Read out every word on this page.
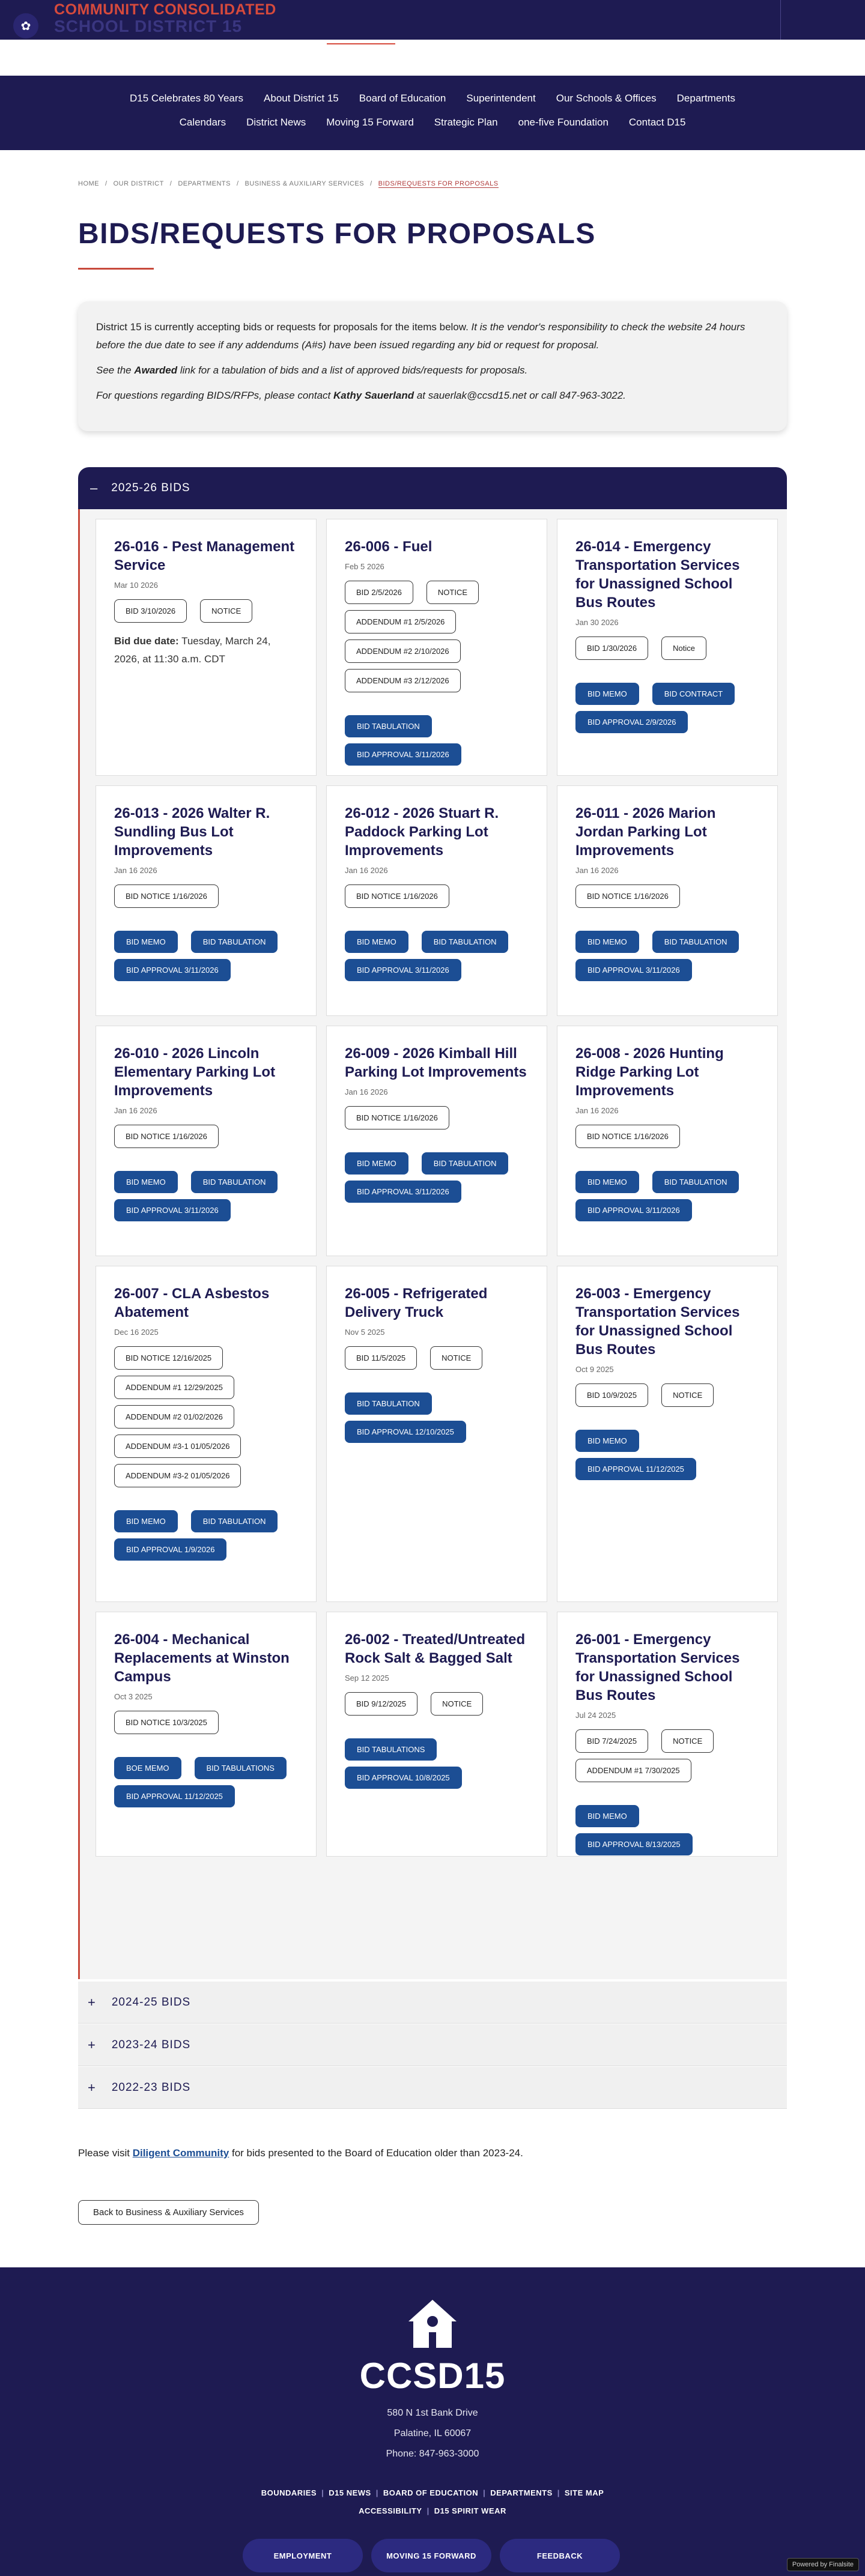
✿
COMMUNITY CONSOLIDATED
SCHOOL DISTRICT 15
D15 Celebrates 80 Years About District 15 Board of Education Superintendent Our Schools & Offices Departments
Calendars District News Moving 15 Forward Strategic Plan one-five Foundation Contact D15
HOME / OUR DISTRICT / DEPARTMENTS / BUSINESS & AUXILIARY SERVICES / BIDS/REQUESTS FOR PROPOSALS
BIDS/REQUESTS FOR PROPOSALS

District 15 is currently accepting bids or requests for proposals for the items below. It is the vendor's responsibility to check the website 24 hours before the due date to see if any addendums (A#s) have been issued regarding any bid or request for proposal.

See the Awarded link for a tabulation of bids and a list of approved bids/requests for proposals.

For questions regarding BIDS/RFPs, please contact Kathy Sauerland at sauerlak@ccsd15.net or call 847-963-3022.

– 2025-26 BIDS
26-016 - Pest Management Service
Mar 10 2026
BID 3/10/2026	NOTICE
Bid due date: Tuesday, March 24, 2026, at 11:30 a.m. CDT
26-006 - Fuel
Feb 5 2026
BID 2/5/2026	NOTICE
ADDENDUM #1 2/5/2026
ADDENDUM #2 2/10/2026
ADDENDUM #3 2/12/2026
BID TABULATION
BID APPROVAL 3/11/2026
26-014 - Emergency Transportation Services for Unassigned School Bus Routes
Jan 30 2026
BID 1/30/2026	Notice
BID MEMO	BID CONTRACT
BID APPROVAL 2/9/2026
26-013 - 2026 Walter R. Sundling Bus Lot Improvements
Jan 16 2026
BID NOTICE 1/16/2026
BID MEMO	BID TABULATION
BID APPROVAL 3/11/2026
26-012 - 2026 Stuart R. Paddock Parking Lot Improvements
Jan 16 2026
BID NOTICE 1/16/2026
BID MEMO	BID TABULATION
BID APPROVAL 3/11/2026
26-011 - 2026 Marion Jordan Parking Lot Improvements
Jan 16 2026
BID NOTICE 1/16/2026
BID MEMO	BID TABULATION
BID APPROVAL 3/11/2026
26-010 - 2026 Lincoln Elementary Parking Lot Improvements
Jan 16 2026
BID NOTICE 1/16/2026
BID MEMO	BID TABULATION
BID APPROVAL 3/11/2026
26-009 - 2026 Kimball Hill Parking Lot Improvements
Jan 16 2026
BID NOTICE 1/16/2026
BID MEMO	BID TABULATION
BID APPROVAL 3/11/2026
26-008 - 2026 Hunting Ridge Parking Lot Improvements
Jan 16 2026
BID NOTICE 1/16/2026
BID MEMO	BID TABULATION
BID APPROVAL 3/11/2026
26-007 - CLA Asbestos Abatement
Dec 16 2025
BID NOTICE 12/16/2025
ADDENDUM #1 12/29/2025
ADDENDUM #2 01/02/2026
ADDENDUM #3-1 01/05/2026
ADDENDUM #3-2 01/05/2026
BID MEMO	BID TABULATION
BID APPROVAL 1/9/2026
26-005 - Refrigerated Delivery Truck
Nov 5 2025
BID 11/5/2025	NOTICE
BID TABULATION
BID APPROVAL 12/10/2025
26-003 - Emergency Transportation Services for Unassigned School Bus Routes
Oct 9 2025
BID 10/9/2025	NOTICE
BID MEMO
BID APPROVAL 11/12/2025
26-004 - Mechanical Replacements at Winston Campus
Oct 3 2025
BID NOTICE 10/3/2025
BOE MEMO	BID TABULATIONS
BID APPROVAL 11/12/2025
26-002 - Treated/Untreated Rock Salt & Bagged Salt
Sep 12 2025
BID 9/12/2025	NOTICE
BID TABULATIONS
BID APPROVAL 10/8/2025
26-001 - Emergency Transportation Services for Unassigned School Bus Routes
Jul 24 2025
BID 7/24/2025	NOTICE
ADDENDUM #1 7/30/2025
BID MEMO
BID APPROVAL 8/13/2025
+ 2024-25 BIDS
+ 2023-24 BIDS
+ 2022-23 BIDS
Please visit Diligent Community for bids presented to the Board of Education older than 2023-24.
Back to Business & Auxiliary Services
CCSD15
580 N 1st Bank Drive
Palatine, IL 60067
Phone: 847-963-3000
BOUNDARIES | D15 NEWS | BOARD OF EDUCATION | DEPARTMENTS | SITE MAP
ACCESSIBILITY | D15 SPIRIT WEAR
EMPLOYMENT	MOVING 15 FORWARD	FEEDBACK
Powered by Finalsite
